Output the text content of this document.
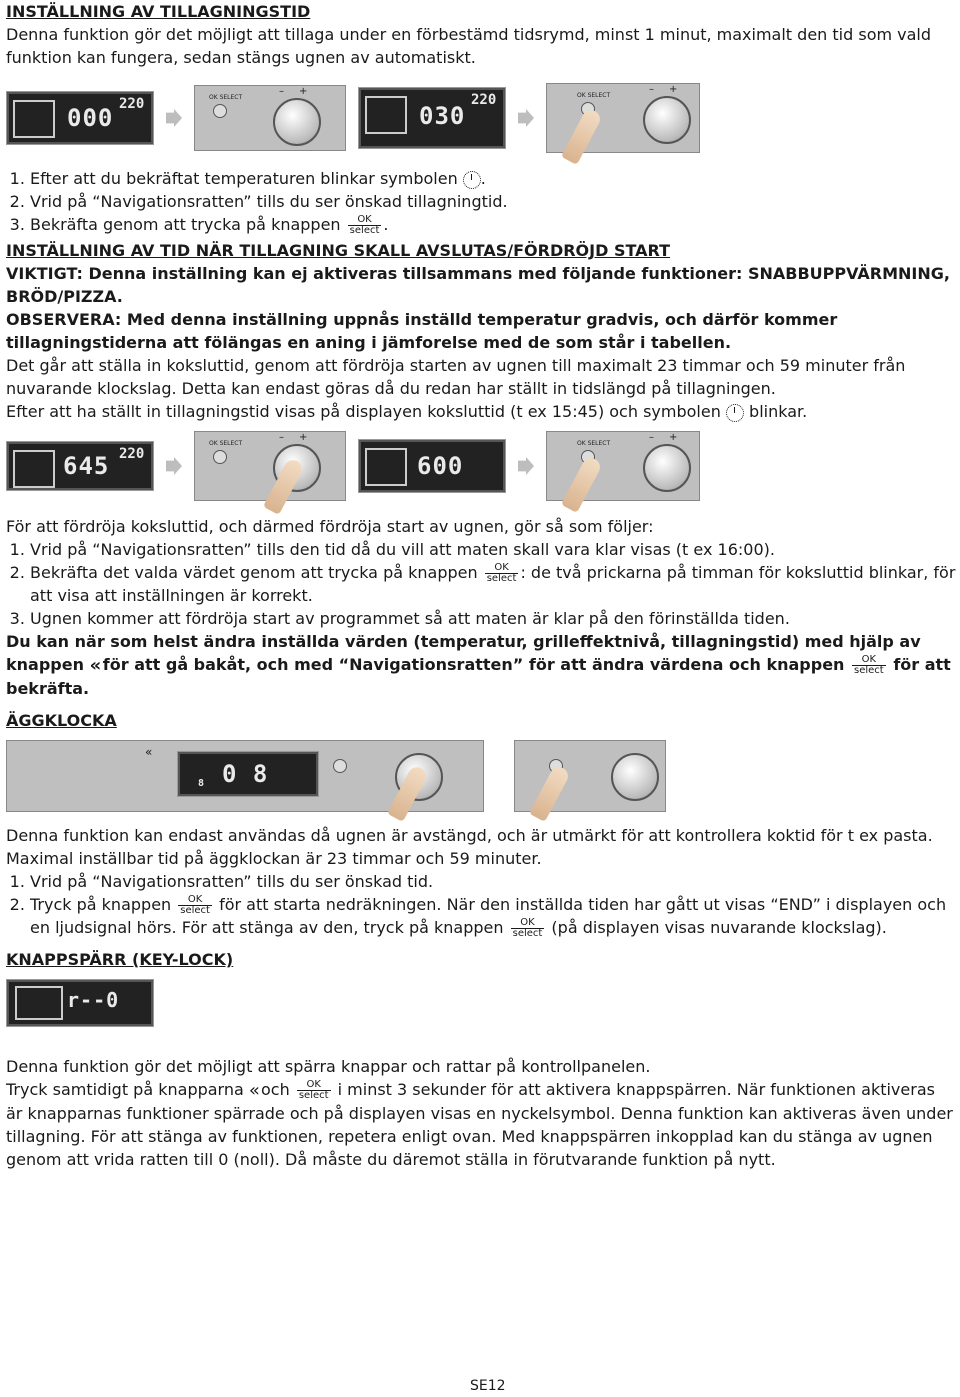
INSTÄLLNING AV TILLAGNINGSTID

Denna funktion gör det möjligt att tillaga under en förbestämd tidsrymd, minst 1 minut, maximalt den tid som vald funktion kan fungera, sedan stängs ugnen av automatiskt.

000 220	OK SELECT
– +
030
220	OK SELECT
– +
1. Efter att du bekräftat temperaturen blinkar symbolen .
2. Vrid på “Navigationsratten” tills du ser önskad tillagningtid.
3. Bekräfta genom att trycka på knappen	OK
select .
INSTÄLLNING AV TID NÄR TILLAGNING SKALL AVSLUTAS/FÖRDRÖJD START

VIKTIGT: Denna inställning kan ej aktiveras tillsammans med följande funktioner: SNABBUPPVÄRMNING, BRÖD/PIZZA.

OBSERVERA: Med denna inställning uppnås inställd temperatur gradvis, och därför kommer tillagningstiderna att fölängas en aning i jämforelse med de som står i tabellen.

Det går att ställa in koksluttid, genom att fördröja starten av ugnen till maximalt 23 timmar och 59 minuter från nuvarande klockslag. Detta kan endast göras då du redan har ställt in tidslängd på tillagningen.

Efter att ha ställt in tillagningstid visas på displayen koksluttid (t ex 15:45) och symbolen blinkar.

645 220
OK SELECT
– +
600
OK SELECT
– +

För att fördröja koksluttid, och därmed fördröja start av ugnen, gör så som följer:

1. Vrid på “Navigationsratten” tills den tid då du vill att maten skall vara klar visas (t ex 16:00).
2. Bekräfta det valda värdet genom att trycka på knappen	OK
select : de två prickarna på timman för koksluttid blinkar, för att visa att inställningen är korrekt.
3. Ugnen kommer att fördröja start av programmet så att maten är klar på den förinställda tiden.

Du kan när som helst ändra inställda värden (temperatur, grilleffektnivå, tillagningstid) med hjälp av knappen « för att gå bakåt, och med “Navigationsratten” för att ändra värdena och knappen	OK
select för att bekräfta.

ÄGGKLOCKA
«
0 8
8

Denna funktion kan endast användas då ugnen är avstängd, och är utmärkt för att kontrollera koktid för t ex pasta. Maximal inställbar tid på äggklockan är 23 timmar och 59 minuter.

1. Vrid på “Navigationsratten” tills du ser önskad tid.
2. Tryck på knappen	OK
select för att starta nedräkningen. När den inställda tiden har gått ut visas “END” i displayen och en ljudsignal hörs. För att stänga av den, tryck på knappen	OK
select (på displayen visas nuvarande klockslag).
KNAPPSPÄRR (KEY-LOCK)
r--0

Denna funktion gör det möjligt att spärra knappar och rattar på kontrollpanelen.

Tryck samtidigt på knapparna « och	OK
select i minst 3 sekunder för att aktivera knappspärren. När funktionen aktiveras är knapparnas funktioner spärrade och på displayen visas en nyckelsymbol. Denna funktion kan aktiveras även under tillagning. För att stänga av funktionen, repetera enligt ovan. Med knappspärren inkopplad kan du stänga av ugnen genom att vrida ratten till 0 (noll). Då måste du däremot ställa in förutvarande funktion på nytt.

SE12
